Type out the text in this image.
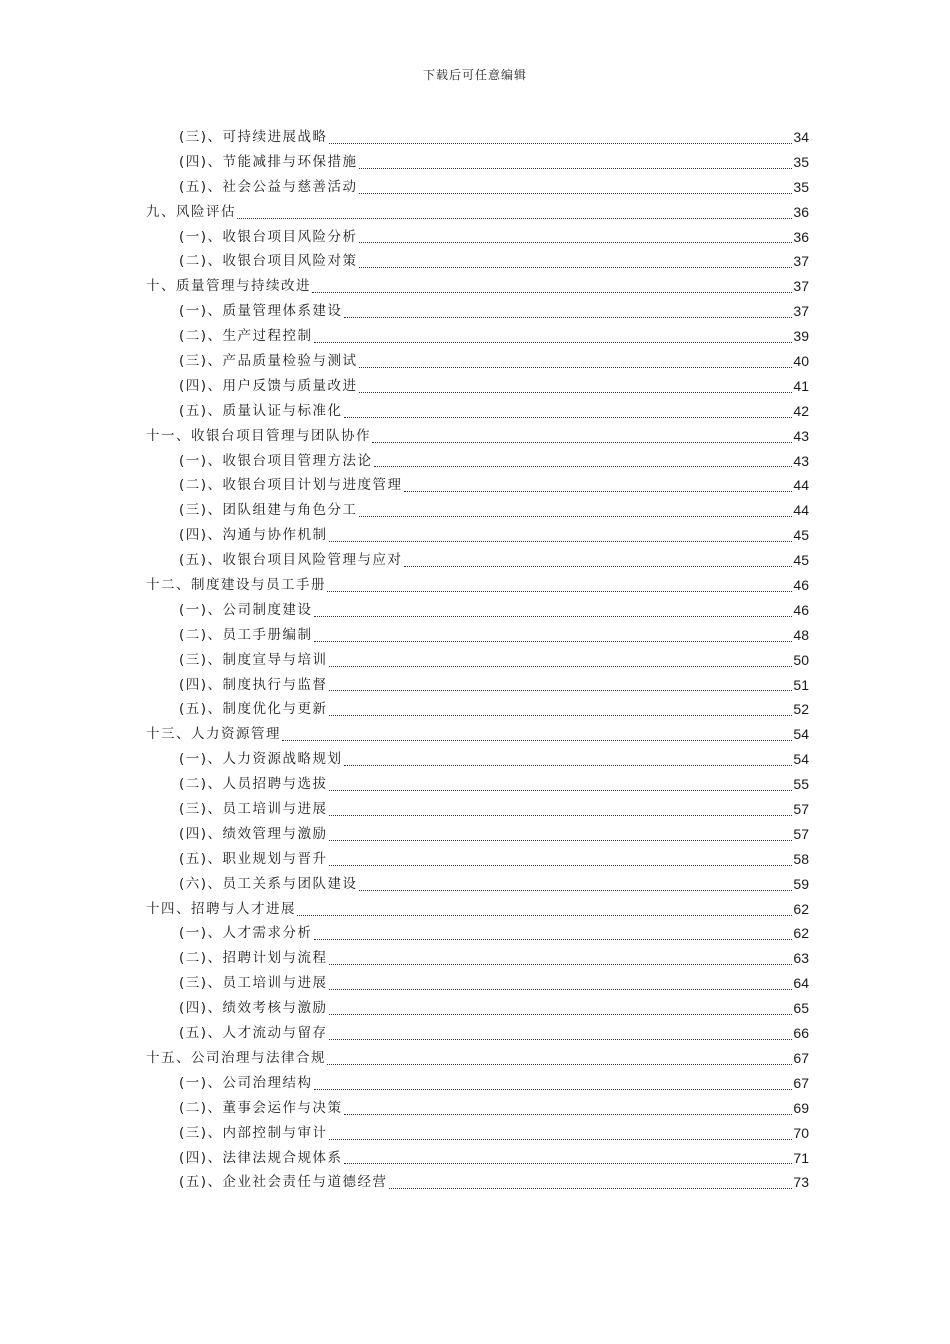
下载后可任意编辑
(三)、可持续进展战略	34
(四)、节能减排与环保措施	35
(五)、社会公益与慈善活动	35
九、风险评估	36
(一)、收银台项目风险分析	36
(二)、收银台项目风险对策	37
十、质量管理与持续改进	37
(一)、质量管理体系建设	37
(二)、生产过程控制	39
(三)、产品质量检验与测试	40
(四)、用户反馈与质量改进	41
(五)、质量认证与标准化	42
十一、收银台项目管理与团队协作	43
(一)、收银台项目管理方法论	43
(二)、收银台项目计划与进度管理	44
(三)、团队组建与角色分工	44
(四)、沟通与协作机制	45
(五)、收银台项目风险管理与应对	45
十二、制度建设与员工手册	46
(一)、公司制度建设	46
(二)、员工手册编制	48
(三)、制度宣导与培训	50
(四)、制度执行与监督	51
(五)、制度优化与更新	52
十三、人力资源管理	54
(一)、人力资源战略规划	54
(二)、人员招聘与选拔	55
(三)、员工培训与进展	57
(四)、绩效管理与激励	57
(五)、职业规划与晋升	58
(六)、员工关系与团队建设	59
十四、招聘与人才进展	62
(一)、人才需求分析	62
(二)、招聘计划与流程	63
(三)、员工培训与进展	64
(四)、绩效考核与激励	65
(五)、人才流动与留存	66
十五、公司治理与法律合规	67
(一)、公司治理结构	67
(二)、董事会运作与决策	69
(三)、内部控制与审计	70
(四)、法律法规合规体系	71
(五)、企业社会责任与道德经营	73
